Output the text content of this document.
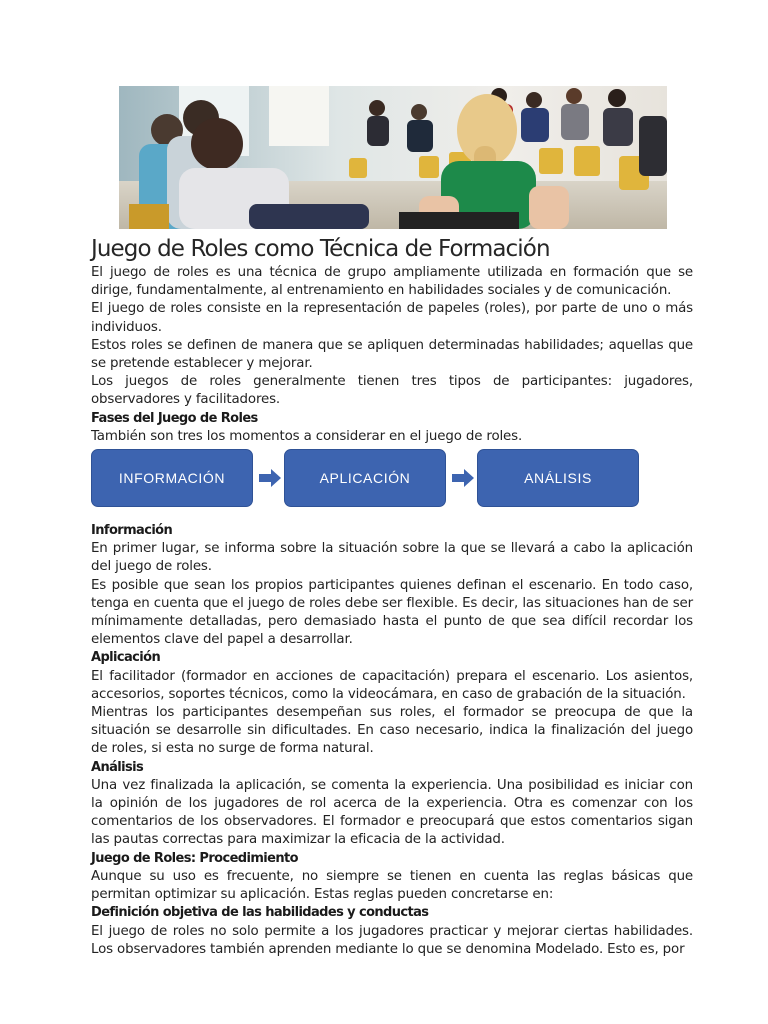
Juego de Roles como Técnica de Formación

El juego de roles es una técnica de grupo ampliamente utilizada en formación que se dirige, fundamentalmente, al entrenamiento en habilidades sociales y de comunicación.

El juego de roles consiste en la representación de papeles (roles), por parte de uno o más individuos.

Estos roles se definen de manera que se apliquen determinadas habilidades; aquellas que se pretende establecer y mejorar.

Los juegos de roles generalmente tienen tres tipos de participantes: jugadores, observadores y facilitadores.

Fases del Juego de Roles

También son tres los momentos a considerar en el juego de roles.

INFORMACIÓN	APLICACIÓN	ANÁLISIS
Información

En primer lugar, se informa sobre la situación sobre la que se llevará a cabo la aplicación del juego de roles.

Es posible que sean los propios participantes quienes definan el escenario. En todo caso, tenga en cuenta que el juego de roles debe ser flexible. Es decir, las situaciones han de ser mínimamente detalladas, pero demasiado hasta el punto de que sea difícil recordar los elementos clave del papel a desarrollar.

Aplicación

El facilitador (formador en acciones de capacitación) prepara el escenario. Los asientos, accesorios, soportes técnicos, como la videocámara, en caso de grabación de la situación.

Mientras los participantes desempeñan sus roles, el formador se preocupa de que la situación se desarrolle sin dificultades. En caso necesario, indica la finalización del juego de roles, si esta no surge de forma natural.

Análisis

Una vez finalizada la aplicación, se comenta la experiencia. Una posibilidad es iniciar con la opinión de los jugadores de rol acerca de la experiencia. Otra es comenzar con los comentarios de los observadores. El formador e preocupará que estos comentarios sigan las pautas correctas para maximizar la eficacia de la actividad.

Juego de Roles: Procedimiento

Aunque su uso es frecuente, no siempre se tienen en cuenta las reglas básicas que permitan optimizar su aplicación. Estas reglas pueden concretarse en:

Definición objetiva de las habilidades y conductas

El juego de roles no solo permite a los jugadores practicar y mejorar ciertas habilidades. Los observadores también aprenden mediante lo que se denomina Modelado. Esto es, por
